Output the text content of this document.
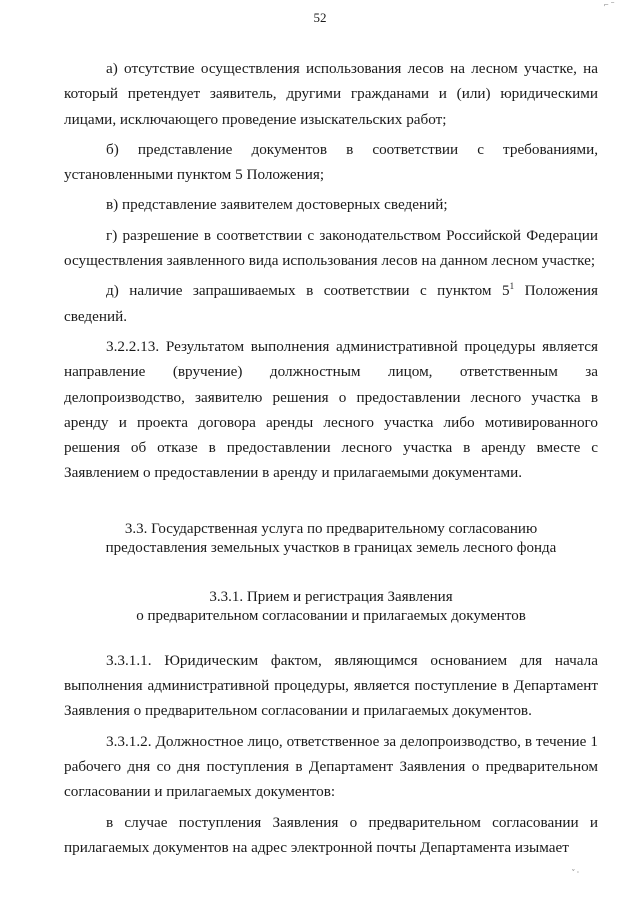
52
⌐ ⁻
ˇ ·

а) отсутствие осуществления использования лесов на лесном участке, на который претендует заявитель, другими гражданами и (или) юридическими лицами, исключающего проведение изыскательских работ;

б) представление документов в соответствии с требованиями, установленными пунктом 5 Положения;

в) представление заявителем достоверных сведений;

г) разрешение в соответствии с законодательством Российской Федерации осуществления заявленного вида использования лесов на данном лесном участке;

д) наличие запрашиваемых в соответствии с пунктом $5^1$ Положения сведений.

3.2.2.13. Результатом выполнения административной процедуры является направление (вручение) должностным лицом, ответственным за делопроизводство, заявителю решения о предоставлении лесного участка в аренду и проекта договора аренды лесного участка либо мотивированного решения об отказе в предоставлении лесного участка в аренду вместе с Заявлением о предоставлении в аренду и прилагаемыми документами.

3.3. Государственная услуга по предварительному согласованию
предоставления земельных участков в границах земель лесного фонда
3.3.1. Прием и регистрация Заявления
о предварительном согласовании и прилагаемых документов

3.3.1.1. Юридическим фактом, являющимся основанием для начала выполнения административной процедуры, является поступление в Департамент Заявления о предварительном согласовании и прилагаемых документов.

3.3.1.2. Должностное лицо, ответственное за делопроизводство, в течение 1 рабочего дня со дня поступления в Департамент Заявления о предварительном согласовании и прилагаемых документов:

в случае поступления Заявления о предварительном согласовании и прилагаемых документов на адрес электронной почты Департамента изымает
